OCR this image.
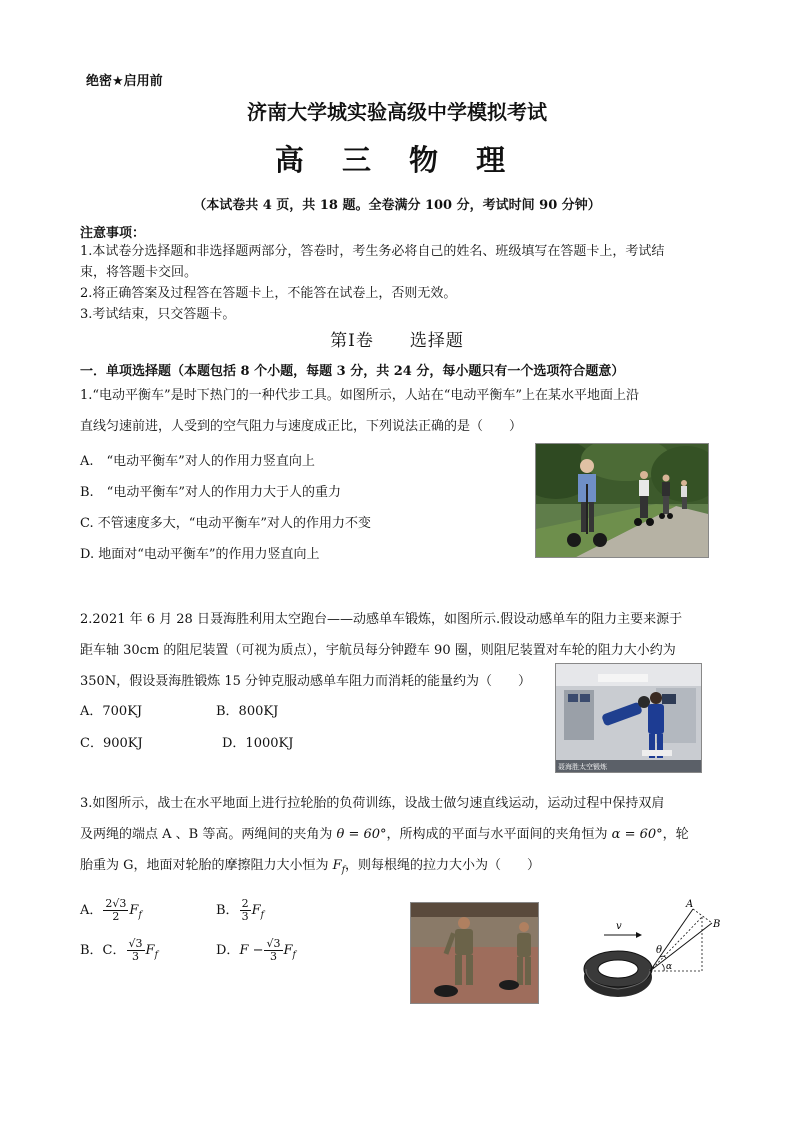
绝密★启用前
济南大学城实验高级中学模拟考试
高 三 物 理
（本试卷共 4 页，共 18 题。全卷满分 100 分，考试时间 90 分钟）
注意事项：
1.本试卷分选择题和非选择题两部分，答卷时，考生务必将自己的姓名、班级填写在答题卡上，考试结
束，将答题卡交回。
2.将正确答案及过程答在答题卡上，不能答在试卷上，否则无效。
3.考试结束，只交答题卡。
第Ⅰ卷　　选择题
一．单项选择题（本题包括 8 个小题，每题 3 分，共 24 分，每小题只有一个选项符合题意）
1.“电动平衡车”是时下热门的一种代步工具。如图所示，人站在“电动平衡车”上在某水平地面上沿
直线匀速前进，人受到的空气阻力与速度成正比，下列说法正确的是（　　）
A.　“电动平衡车”对人的作用力竖直向上
B.　“电动平衡车”对人的作用力大于人的重力
C. 不管速度多大，“电动平衡车”对人的作用力不变
D. 地面对“电动平衡车”的作用力竖直向上
2.2021 年 6 月 28 日聂海胜利用太空跑台——动感单车锻炼，如图所示.假设动感单车的阻力主要来源于
距车轴 30cm 的阻尼装置（可视为质点），宇航员每分钟蹬车 90 圈，则阻尼装置对车轮的阻力大小约为
350N，假设聂海胜锻炼 15 分钟克服动感单车阻力而消耗的能量约为（　　）
A．700KJ	B．800KJ
C．900KJ	D．1000KJ
聂海胜太空锻炼
3.如图所示，战士在水平地面上进行拉轮胎的负荷训练，设战士做匀速直线运动，运动过程中保持双肩
及两绳的端点 A 、B 等高。两绳间的夹角为 θ = 60°，所构成的平面与水平面间的夹角恒为 α = 60°，轮
胎重为 G，地面对轮胎的摩擦阻力大小恒为 $F_f$，则每根绳的拉力大小为（　　）
A． $\frac{2√3}{2} F_f$	B． $\frac{2}{3} F_f$
B．C． $\frac{√3}{3} F_f$	D．$F - \frac{√3}{3} F_f$
v
A
B
θ
α
